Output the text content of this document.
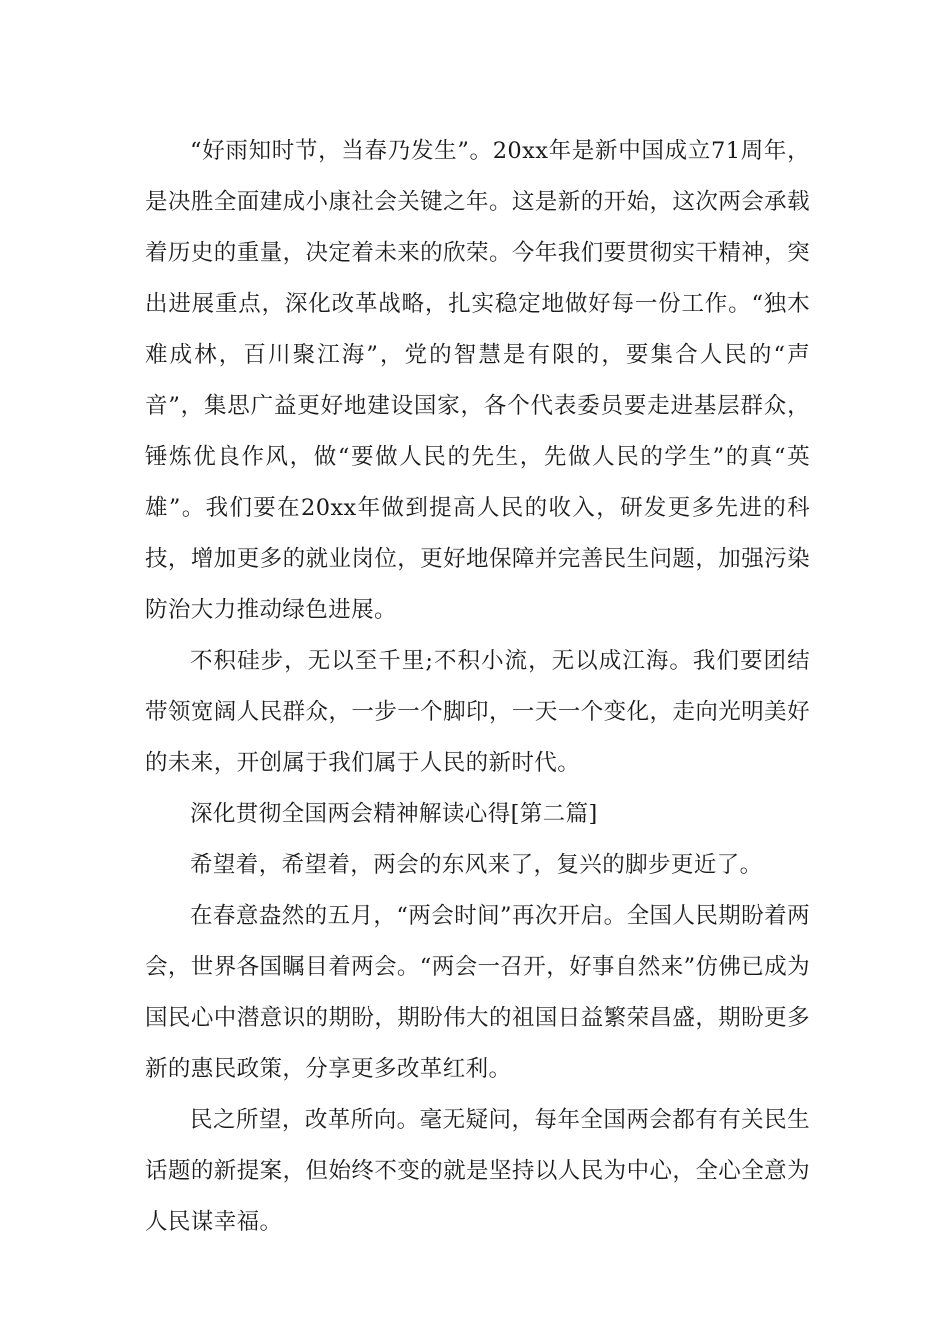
“好雨知时节，当春乃发生”。20xx年是新中国成立71周年，是决胜全面建成小康社会关键之年。这是新的开始，这次两会承载着历史的重量，决定着未来的欣荣。今年我们要贯彻实干精神，突出进展重点，深化改革战略，扎实稳定地做好每一份工作。“独木难成林，百川聚江海”，党的智慧是有限的，要集合人民的“声音”，集思广益更好地建设国家，各个代表委员要走进基层群众，锤炼优良作风，做“要做人民的先生，先做人民的学生”的真“英雄”。我们要在20xx年做到提高人民的收入，研发更多先进的科技，增加更多的就业岗位，更好地保障并完善民生问题，加强污染防治大力推动绿色进展。

不积硅步，无以至千里;不积小流，无以成江海。我们要团结带领宽阔人民群众，一步一个脚印，一天一个变化，走向光明美好的未来，开创属于我们属于人民的新时代。

深化贯彻全国两会精神解读心得[第二篇]

希望着，希望着，两会的东风来了，复兴的脚步更近了。

在春意盎然的五月，“两会时间”再次开启。全国人民期盼着两会，世界各国瞩目着两会。“两会一召开，好事自然来”仿佛已成为国民心中潜意识的期盼，期盼伟大的祖国日益繁荣昌盛，期盼更多新的惠民政策，分享更多改革红利。

民之所望，改革所向。毫无疑问，每年全国两会都有有关民生话题的新提案，但始终不变的就是坚持以人民为中心，全心全意为人民谋幸福。
